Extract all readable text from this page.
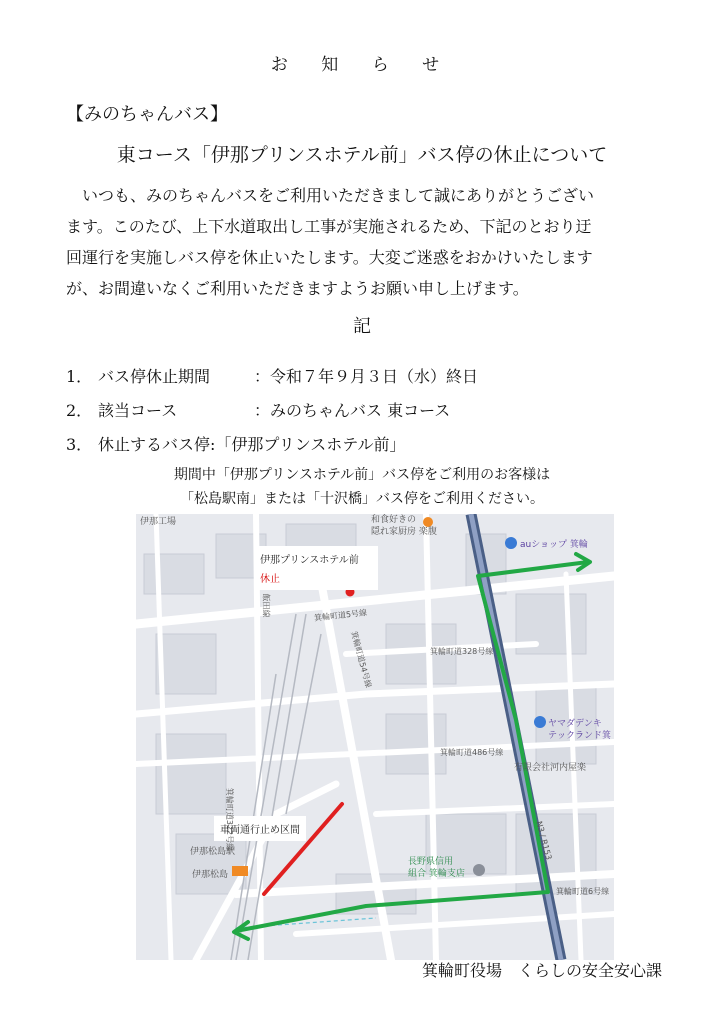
お 知 ら せ
【みのちゃんバス】
東コース「伊那プリンスホテル前」バス停の休止について

いつも、みのちゃんバスをご利用いただきまして誠にありがとうござい

ます。このたび、上下水道取出し工事が実施されるため、下記のとおり迂

回運行を実施しバス停を休止いたします。大変ご迷惑をおかけいたします

が、お間違いなくご利用いただきますようお願い申し上げます。

記
1． バス停休止期間	：令和７年９月３日（水）終日
2． 該当コース	：みのちゃんバス 東コース
3． 休止するバス停:「伊那プリンスホテル前」
期間中「伊那プリンスホテル前」バス停をご利用のお客様は
「松島駅南」または「十沢橋」バス停をご利用ください。
伊那プリンスホテル前
休止
車両通行止め区間
伊那工場	和食好きの
隠れ家厨房 楽腹
auショップ 箕輪
ヤマダデンキ
テックランド箕
有限会社河内屋楽
伊那松島駅
伊那松島
長野県信用
組合 箕輪支店
箕輪町道5号線
箕輪町道54号線	箕輪町道328号線
箕輪町道486号線
箕輪町道6号線
N3 / R153
箕輪町道322号線
飯田線
箕輪町役場　くらしの安全安心課
